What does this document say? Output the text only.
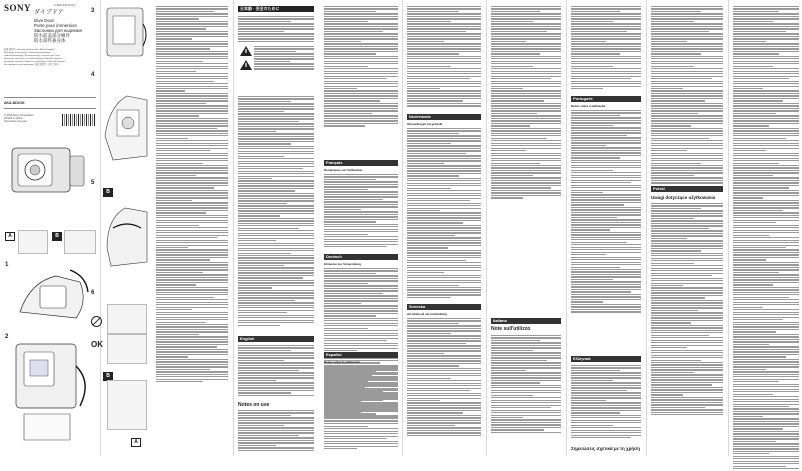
SONY	4-580-430-01(1)
ダイブドア
Dive Door
Porte pour immersion
Заслонка для ныряния
防水前盖部分繪件
防水部件兼壳体
取扱説明書 / Operating Instructions / Mode d'emploi /
Manual de instrucciones / Bedienungsanleitung /
Gebruiksaanwijzing / Bruksanvisning / Istruzioni per l'uso /
Manual de instruções / Instrukcja obsługi / Návod k obsluze /
Használati útmutató / Návod na používanie / Kullanım kılavuzu /
Инструкция по эксплуатации / 使用説明書 / 사용 설명서
AKA-DDX1K
© 2015 Sony Corporation
Printed in China
http://www.sony.net/
A	B
1
2
3
4
5
B
6
OK
B
A
日本語 · 安全のために
English
Notes on use
Français
Remarques sur l'utilisation
Deutsch
Hinweise zur Verwendung
Español
Notas sobre la utilización
Nederlands
Opmerkingen bij gebruik
Svenska
Att tänka på vid användning
Italiano
Note sull'utilizzo
Português
Notas sobre a utilização
Ελληνικά
Σημειώσεις σχετικά με τη χρήση
Polski
Uwagi dotyczące użytkowania
